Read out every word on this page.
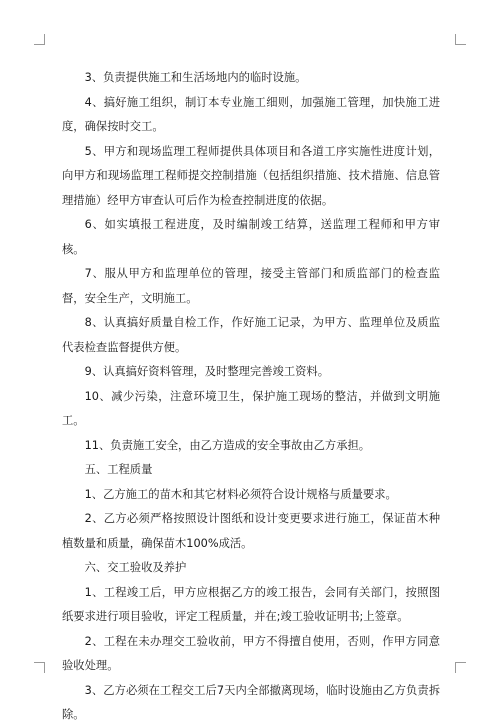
3、负责提供施工和生活场地内的临时设施。

4、搞好施工组织，制订本专业施工细则，加强施工管理，加快施工进度，确保按时交工。

5、甲方和现场监理工程师提供具体项目和各道工序实施性进度计划，向甲方和现场监理工程师提交控制措施（包括组织措施、技术措施、信息管理措施）经甲方审查认可后作为检查控制进度的依据。

6、如实填报工程进度，及时编制竣工结算，送监理工程师和甲方审核。

7、服从甲方和监理单位的管理，接受主管部门和质监部门的检查监督，安全生产，文明施工。

8、认真搞好质量自检工作，作好施工记录，为甲方、监理单位及质监代表检查监督提供方便。

9、认真搞好资料管理，及时整理完善竣工资料。

10、减少污染，注意环境卫生，保护施工现场的整洁，并做到文明施工。

11、负责施工安全，由乙方造成的安全事故由乙方承担。

五、工程质量

1、乙方施工的苗木和其它材料必须符合设计规格与质量要求。

2、乙方必须严格按照设计图纸和设计变更要求进行施工，保证苗木种植数量和质量，确保苗木100%成活。

六、交工验收及养护

1、工程竣工后，甲方应根据乙方的竣工报告，会同有关部门，按照图纸要求进行项目验收，评定工程质量，并在;竣工验收证明书;上签章。

2、工程在未办理交工验收前，甲方不得擅自使用，否则，作甲方同意验收处理。

3、乙方必须在工程交工后7天内全部撤离现场，临时设施由乙方负责拆除。
